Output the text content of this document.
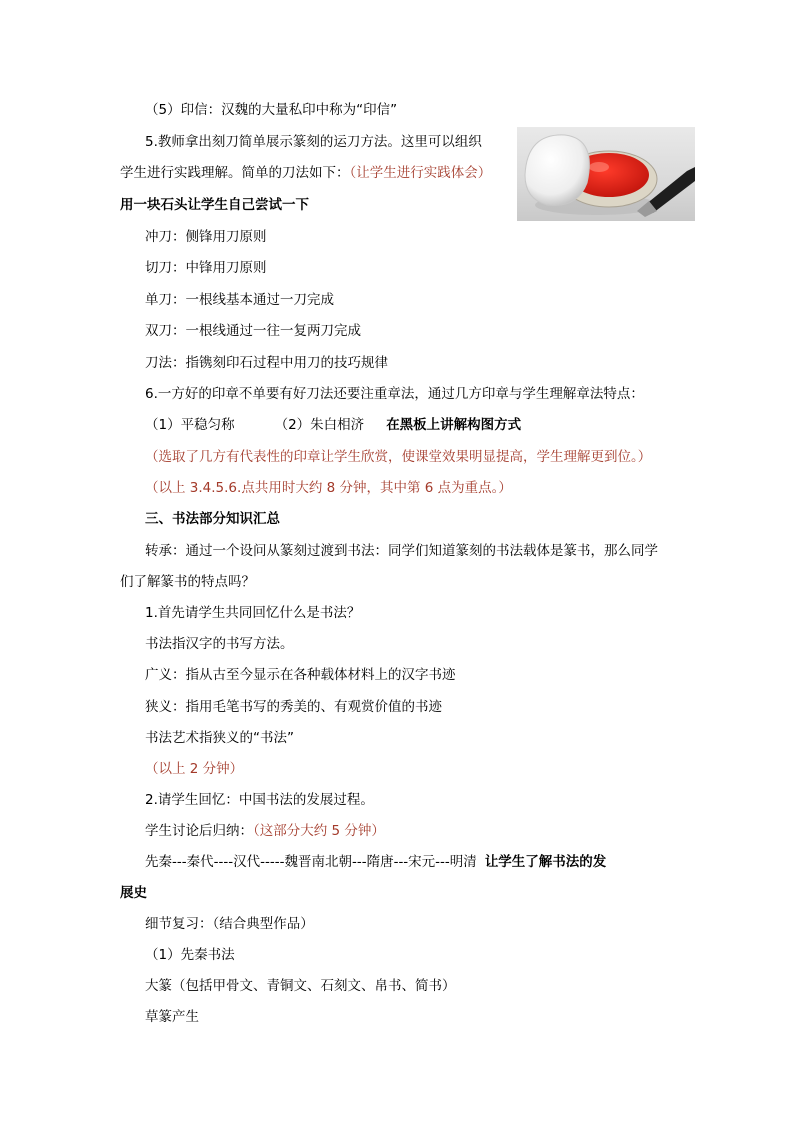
（5）印信：汉魏的大量私印中称为“印信”
5.教师拿出刻刀简单展示篆刻的运刀方法。这里可以组织
学生进行实践理解。简单的刀法如下：（让学生进行实践体会）
用一块石头让学生自己尝试一下
冲刀：侧锋用刀原则
切刀：中锋用刀原则
单刀：一根线基本通过一刀完成
双刀：一根线通过一往一复两刀完成
刀法：指镌刻印石过程中用刀的技巧规律
6.一方好的印章不单要有好刀法还要注重章法，通过几方印章与学生理解章法特点：
（1）平稳匀称	（2）朱白相济 在黑板上讲解构图方式
（选取了几方有代表性的印章让学生欣赏，使课堂效果明显提高，学生理解更到位。）
（以上 3.4.5.6.点共用时大约 8 分钟，其中第 6 点为重点。）
三、书法部分知识汇总
转承：通过一个设问从篆刻过渡到书法：同学们知道篆刻的书法载体是篆书，那么同学
们了解篆书的特点吗？
1.首先请学生共同回忆什么是书法？
书法指汉字的书写方法。
广义：指从古至今显示在各种载体材料上的汉字书迹
狭义：指用毛笔书写的秀美的、有观赏价值的书迹
书法艺术指狭义的“书法”
（以上 2 分钟）
2.请学生回忆：中国书法的发展过程。
学生讨论后归纳：（这部分大约 5 分钟）
先秦---秦代----汉代-----魏晋南北朝---隋唐---宋元---明清 让学生了解书法的发
展史
细节复习：（结合典型作品）
（1）先秦书法
大篆（包括甲骨文、青铜文、石刻文、帛书、简书）
草篆产生
